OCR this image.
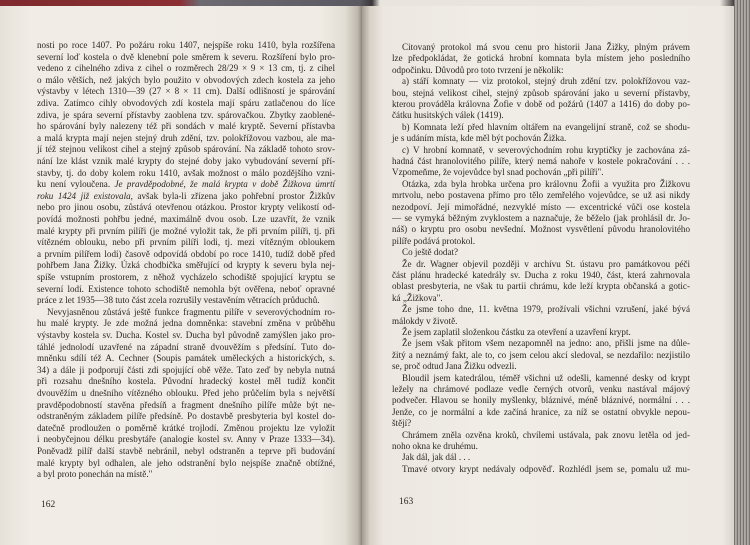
nosti po roce 1407. Po požáru roku 1407, nejspíše roku 1410, byla rozšířena
severní loď kostela o dvě klenební pole směrem k severu. Rozšíření bylo pro-
vedeno z cihelného zdiva z cihel o rozměrech 28/29 × 9 × 13 cm, tj. z cihel
o málo větších, než jakých bylo použito v obvodových zdech kostela za jeho
výstavby v létech 1310—39 (27 × 8 × 11 cm). Další odlišností je spárování
zdiva. Zatímco cihly obvodových zdí kostela mají spáru zatlačenou do líce
zdiva, je spára severní přístavby zaoblena tzv. spárovačkou. Zbytky zaoblené-
ho spárování byly nalezeny též při sondách v malé kryptě. Severní přístavba
a malá krypta mají nejen stejný druh zdění, tzv. polokřížovou vazbou, ale ma-
jí též stejnou velikost cihel a stejný způsob spárování. Na základě tohoto srov-
nání lze klást vznik malé krypty do stejné doby jako vybudování severní pří-
stavby, tj. do doby kolem roku 1410, avšak možnost o málo pozdějšího vzni-
ku není vyloučena. Je pravděpodobné, že malá krypta v době Žižkova úmrtí
roku 1424 již existovala, avšak byla-li zřízena jako pohřební prostor Žižkův
nebo pro jinou osobu, zůstává otevřenou otázkou. Prostor krypty velikostí od-
povídá možnosti pohřbu jedné, maximálně dvou osob. Lze uzavřít, že vznik
malé krypty při prvním pilíři (je možné vyložit tak, že při prvním pilíři, tj. při
vítězném oblouku, nebo při prvním pilíři lodi, tj. mezi vítězným obloukem
a prvním pilířem lodi) časově odpovídá období po roce 1410, tudíž době před
pohřbem Jana Žižky. Úzká chodbička směřující od krypty k severu byla nej-
spíše vstupním prostorem, z něhož vycházelo schodiště spojující kryptu se
severní lodí. Existence tohoto schodiště nemohla být ověřena, neboť opravné
práce z let 1935—38 tuto část zcela rozrušily vestavěním větracích průduchů.
Nevyjasněnou zůstává ještě funkce fragmentu pilíře v severovýchodním ro-
hu malé krypty. Je zde možná jedna domněnka: stavební změna v průběhu
výstavby kostela sv. Ducha. Kostel sv. Ducha byl původně zamýšlen jako pro-
táhlé jednolodí uzavřené na západní straně dvouvěžím s předsíní. Tuto do-
mněnku sdílí též A. Cechner (Soupis památek uměleckých a historických, s.
34) a dále ji podporují části zdi spojující obě věže. Tato zeď by nebyla nutná
při rozsahu dnešního kostela. Původní hradecký kostel měl tudíž končit
dvouvěžím u dnešního vítězného oblouku. Před jeho průčelím byla s největší
pravděpodobností stavěna předsíň a fragment dnešního pilíře může být ne-
odstraněným základem pilíře předsíně. Po dostavbě presbyteria byl kostel do-
datečně prodloužen o poměrně krátké trojlodí. Změnou projektu lze vyložit
i neobyčejnou délku presbytáře (analogie kostel sv. Anny v Praze 1333—34).
Poněvadž pilíř další stavbě nebránil, nebyl odstraněn a teprve při budování
malé krypty byl odhalen, ale jeho odstranění bylo nejspíše značně obtížné,
a byl proto ponechán na místě."
Citovaný protokol má svou cenu pro historii Jana Žižky, plným právem
lze předpokládat, že gotická hrobní komnata byla místem jeho posledního
odpočinku. Důvodů pro toto tvrzení je několik:
a) stáří komnaty — viz protokol, stejný druh zdění tzv. polokřížovou vaz-
bou, stejná velikost cihel, stejný způsob spárování jako u severní přístavby,
kterou prováděla královna Žofie v době od požárů (1407 a 1416) do doby po-
čátku husitských válek (1419).
b) Komnata leží před hlavním oltářem na evangelijní straně, což se shodu-
je s udáním místa, kde měl být pochován Žižka.
c) V hrobní komnatě, v severovýchodním rohu kryptičky je zachována zá-
hadná část hranolovitého pilíře, který nemá nahoře v kostele pokračování . . .
Vzpomeňme, že vojevůdce byl snad pochován „při pilíři".
Otázka, zda byla hrobka určena pro královnu Žofii a využita pro Žižkovu
mrtvolu, nebo postavena přímo pro tělo zemřelého vojevůdce, se už asi nikdy
nezodpoví. Její mimořádné, nezvyklé místo — excentrické vůči ose kostela
— se vymyká běžným zvyklostem a naznačuje, že běželo (jak prohlásil dr. Jo-
náš) o kryptu pro osobu nevšední. Možnost vysvětlení původu hranolovitého
pilíře podává protokol.
Co ještě dodat?
Že dr. Wagner objevil později v archívu St. ústavu pro památkovou péči
část plánu hradecké katedrály sv. Ducha z roku 1940, část, která zahrnovala
oblast presbyteria, ne však tu partii chrámu, kde leží krypta občanská a gotic-
ká „Žižkova".
Že jsme toho dne, 11. května 1979, prožívali všichni vzrušení, jaké bývá
málokdy v životě.
Že jsem zaplatil složenkou částku za otevření a uzavření krypt.
Že jsem však přitom všem nezapomněl na jedno: ano, přišli jsme na důle-
žitý a neznámý fakt, ale to, co jsem celou akcí sledoval, se nezdařilo: nezjistilo
se, proč odtud Jana Žižku odvezli.
Bloudil jsem katedrálou, téměř všichni už odešli, kamenné desky od krypt
ležely na chrámové podlaze vedle černých otvorů, venku nastával májový
podvečer. Hlavou se honily myšlenky, bláznivé, méně bláznivé, normální . . .
Jenže, co je normální a kde začíná hranice, za níž se ostatní obvykle nepou-
štějí?
Chrámem zněla ozvěna kroků, chvílemi ustávala, pak znovu letěla od jed-
noho okna ke druhému.
Jak dál, jak dál . . .
Tmavé otvory krypt nedávaly odpověď. Rozhlédl jsem se, pomalu už mu-
162	163
